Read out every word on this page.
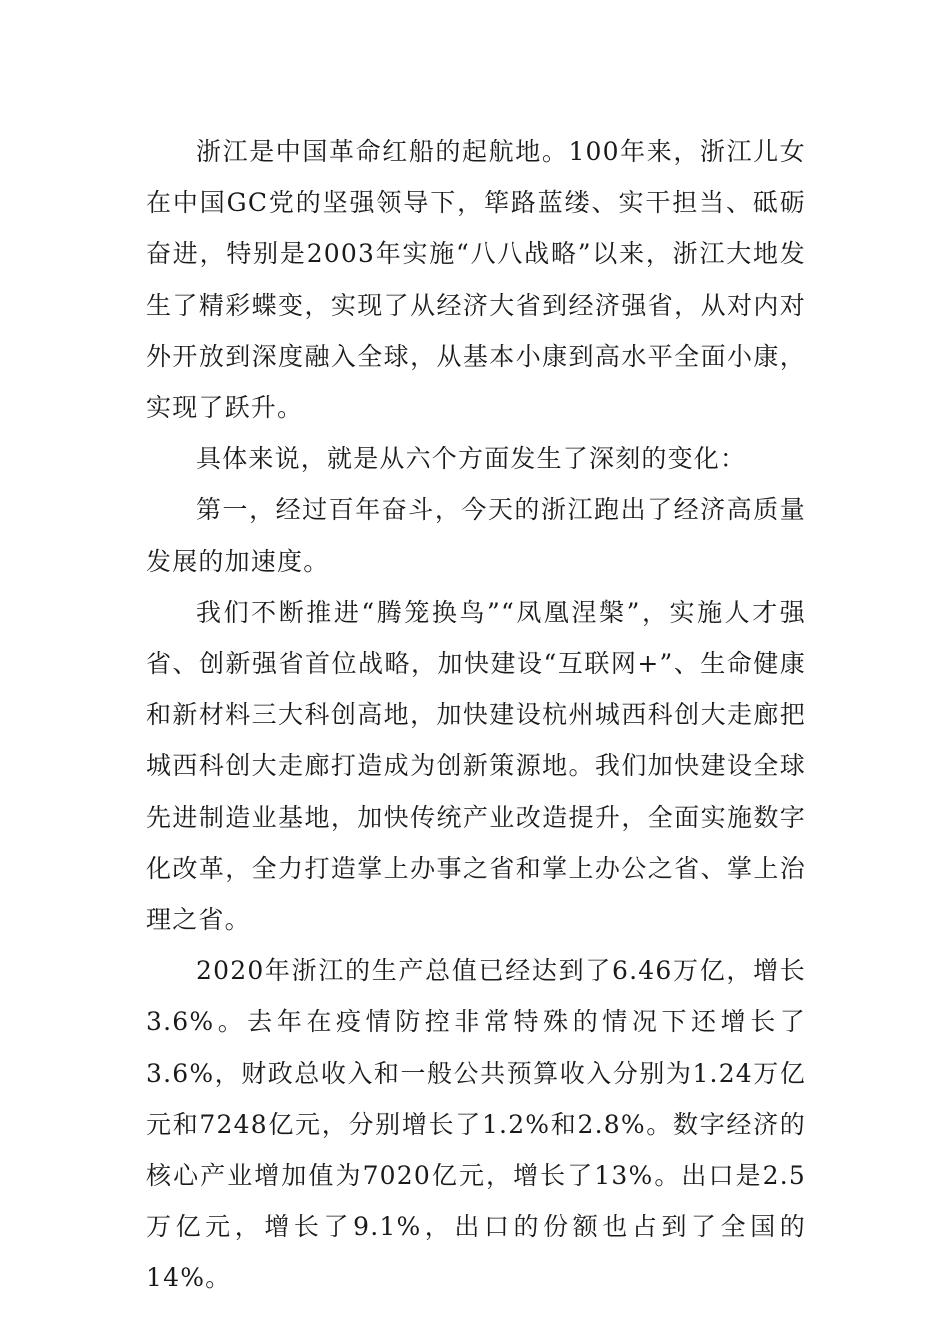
浙江是中国革命红船的起航地。100年来，浙江儿女在中国GC党的坚强领导下，筚路蓝缕、实干担当、砥砺奋进，特别是2003年实施“八八战略”以来，浙江大地发生了精彩蝶变，实现了从经济大省到经济强省，从对内对外开放到深度融入全球，从基本小康到高水平全面小康，实现了跃升。

具体来说，就是从六个方面发生了深刻的变化：

第一，经过百年奋斗，今天的浙江跑出了经济高质量发展的加速度。

我们不断推进“腾笼换鸟”“凤凰涅槃”，实施人才强省、创新强省首位战略，加快建设“互联网+”、生命健康和新材料三大科创高地，加快建设杭州城西科创大走廊把城西科创大走廊打造成为创新策源地。我们加快建设全球先进制造业基地，加快传统产业改造提升，全面实施数字化改革，全力打造掌上办事之省和掌上办公之省、掌上治理之省。

2020年浙江的生产总值已经达到了6.46万亿，增长3.6%。去年在疫情防控非常特殊的情况下还增长了3.6%，财政总收入和一般公共预算收入分别为1.24万亿元和7248亿元，分别增长了1.2%和2.8%。数字经济的核心产业增加值为7020亿元，增长了13%。出口是2.5万亿元，增长了9.1%，出口的份额也占到了全国的14%。
